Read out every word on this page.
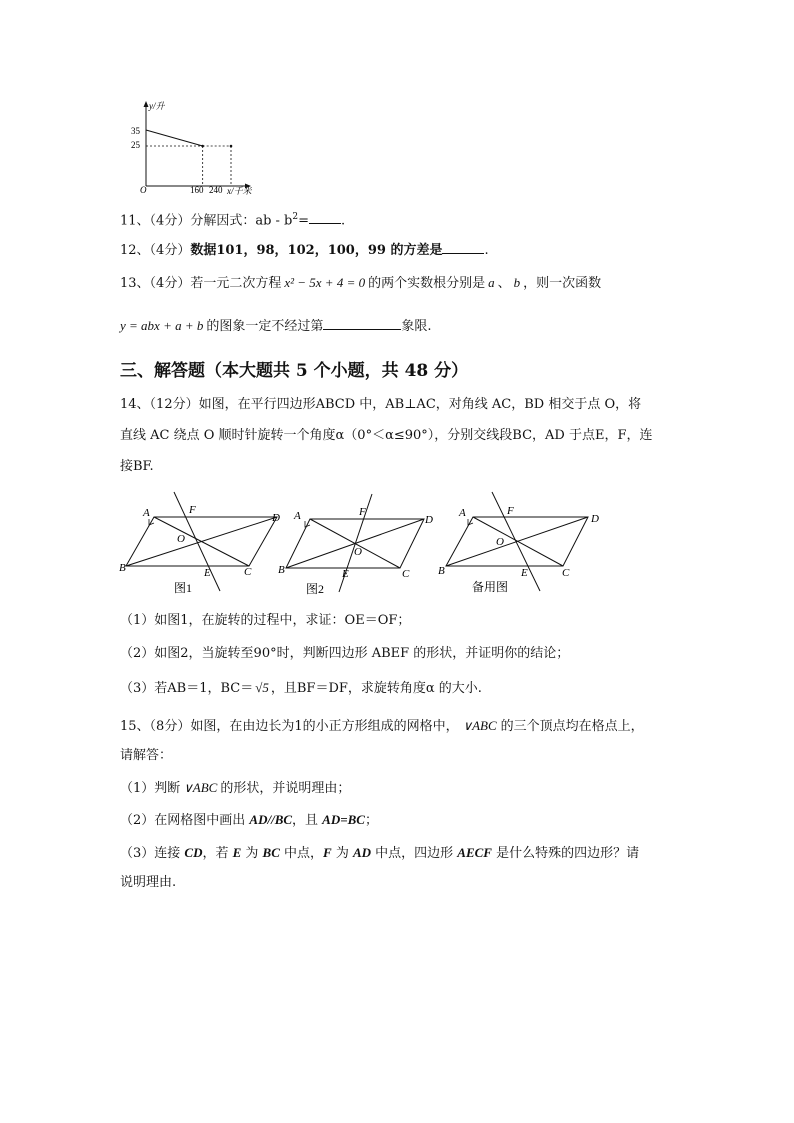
y/升
35
25
O	160 240 x/千米
11、（4分）分解因式：ab - $b^2=$ .
12、（4分）数据101，98，102，100，99 的方差是	.
13、（4分）若一元二次方程 x² − 5x + 4 = 0 的两个实数根分别是 a 、 b ，则一次函数
y = abx + a + b 的图象一定不经过第	象限.
三、解答题（本大题共 5 个小题，共 48 分）
14、（12分）如图，在平行四边形ABCD 中，AB⊥AC，对角线 AC，BD 相交于点 O，将
直线 AC 绕点 O 顺时针旋转一个角度α（0°＜α≤90°），分别交线段BC，AD 于点E，F，连
接BF.
A	F
D
O
B	E	C
图1
A	F
D
O
B	E	C
图2
A	F
D
O
B	E	C
备用图
（1）如图1，在旋转的过程中，求证：OE＝OF；
（2）如图2，当旋转至90°时，判断四边形 ABEF 的形状，并证明你的结论；
（3）若AB＝1，BC＝ √5 ，且BF＝DF，求旋转角度α 的大小.
15、（8分）如图，在由边长为1的小正方形组成的网格中， ∨ABC 的三个顶点均在格点上，
请解答：
（1）判断 ∨ABC 的形状，并说明理由；
（2）在网格图中画出 AD//BC，且 AD=BC；
（3）连接 CD，若 E 为 BC 中点，F 为 AD 中点，四边形 AECF 是什么特殊的四边形？请
说明理由.
